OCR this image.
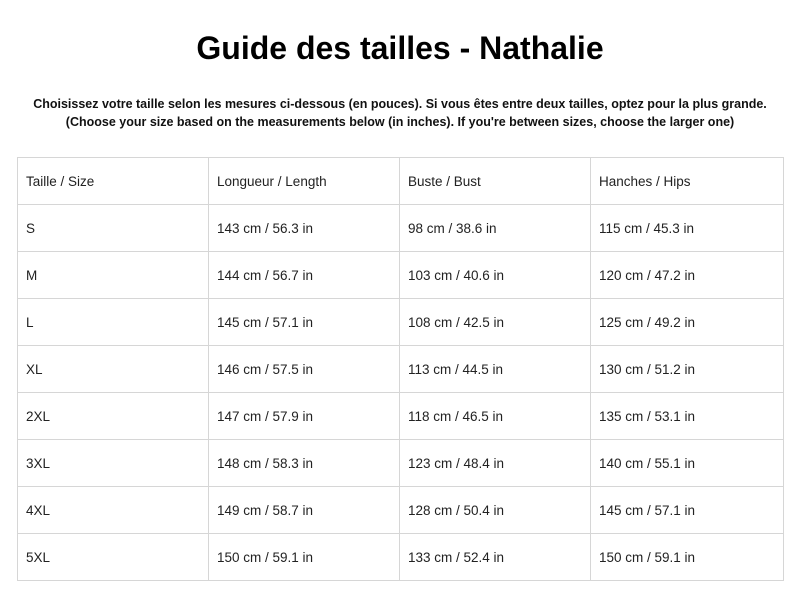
Guide des tailles - Nathalie
Choisissez votre taille selon les mesures ci-dessous (en pouces). Si vous êtes entre deux tailles, optez pour la plus grande.
(Choose your size based on the measurements below (in inches). If you're between sizes, choose the larger one)
Taille / Size	Longueur / Length	Buste / Bust	Hanches / Hips
S	143 cm / 56.3 in	98 cm / 38.6 in	115 cm / 45.3 in
M	144 cm / 56.7 in	103 cm / 40.6 in	120 cm / 47.2 in
L	145 cm / 57.1 in	108 cm / 42.5 in	125 cm / 49.2 in
XL	146 cm / 57.5 in	113 cm / 44.5 in	130 cm / 51.2 in
2XL	147 cm / 57.9 in	118 cm / 46.5 in	135 cm / 53.1 in
3XL	148 cm / 58.3 in	123 cm / 48.4 in	140 cm / 55.1 in
4XL	149 cm / 58.7 in	128 cm / 50.4 in	145 cm / 57.1 in
5XL	150 cm / 59.1 in	133 cm / 52.4 in	150 cm / 59.1 in
